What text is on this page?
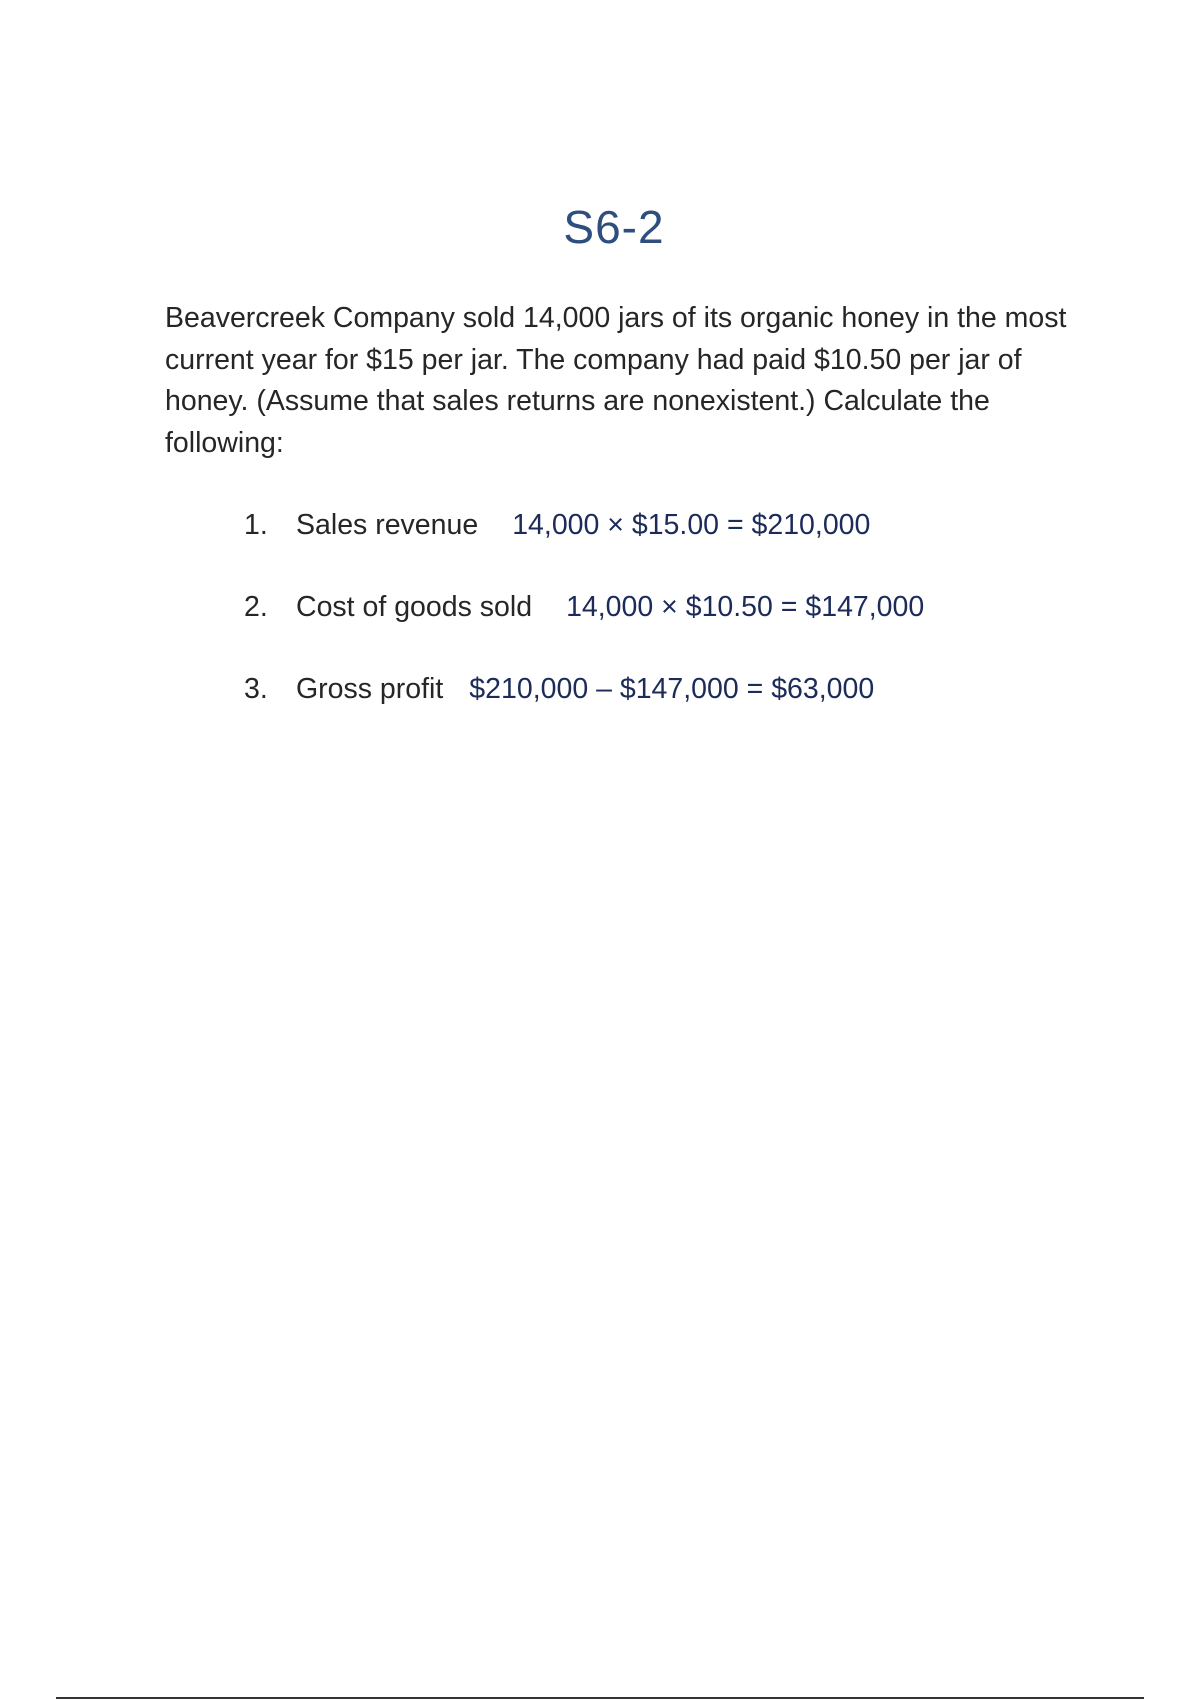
S6-2
Beavercreek Company sold 14,000 jars of its organic honey in the most current year for $15 per jar. The company had paid $10.50 per jar of honey. (Assume that sales returns are nonexistent.) Calculate the following:
1. Sales revenue 14,000 × $15.00 = $210,000
2. Cost of goods sold 14,000 × $10.50 = $147,000
3. Gross profit $210,000 – $147,000 = $63,000
